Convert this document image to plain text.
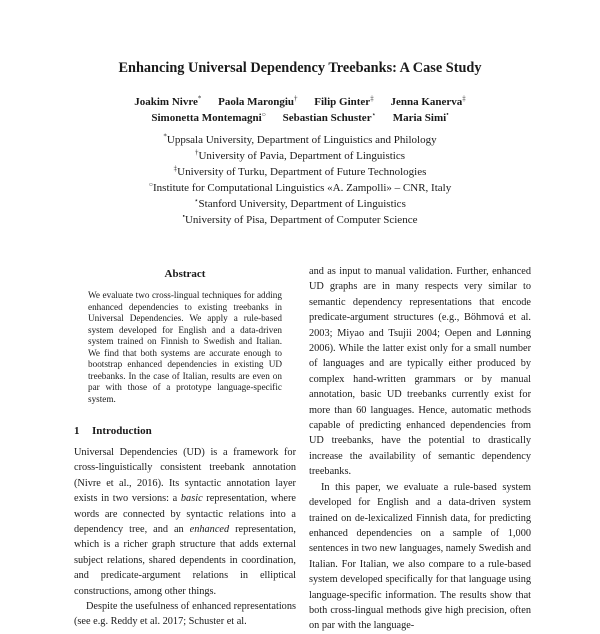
Enhancing Universal Dependency Treebanks: A Case Study
Joakim Nivre* Paola Marongiu† Filip Ginter‡ Jenna Kanerva‡
Simonetta Montemagni○ Sebastian Schuster⋆ Maria Simi•
*Uppsala University, Department of Linguistics and Philology
†University of Pavia, Department of Linguistics
‡University of Turku, Department of Future Technologies
○Institute for Computational Linguistics «A. Zampolli» – CNR, Italy
⋆Stanford University, Department of Linguistics
•University of Pisa, Department of Computer Science
Abstract
We evaluate two cross-lingual techniques for adding enhanced dependencies to existing treebanks in Universal Dependencies. We apply a rule-based system developed for English and a data-driven system trained on Finnish to Swedish and Italian. We find that both systems are accurate enough to bootstrap enhanced dependencies in existing UD treebanks. In the case of Italian, results are even on par with those of a prototype language-specific system.
1 Introduction

Universal Dependencies (UD) is a framework for cross-linguistically consistent treebank annotation (Nivre et al., 2016). Its syntactic annotation layer exists in two versions: a basic representation, where words are connected by syntactic relations into a dependency tree, and an enhanced representation, which is a richer graph structure that adds external subject relations, shared dependents in coordination, and predicate-argument relations in elliptical constructions, among other things.

Despite the usefulness of enhanced representations (see e.g. Reddy et al. 2017; Schuster et al.

and as input to manual validation. Further, enhanced UD graphs are in many respects very similar to semantic dependency representations that encode predicate-argument structures (e.g., Böhmová et al. 2003; Miyao and Tsujii 2004; Oepen and Lønning 2006). While the latter exist only for a small number of languages and are typically either produced by complex hand-written grammars or by manual annotation, basic UD treebanks currently exist for more than 60 languages. Hence, automatic methods capable of predicting enhanced dependencies from UD treebanks, have the potential to drastically increase the availability of semantic dependency treebanks.

In this paper, we evaluate a rule-based system developed for English and a data-driven system trained on de-lexicalized Finnish data, for predicting enhanced dependencies on a sample of 1,000 sentences in two new languages, namely Swedish and Italian. For Italian, we also compare to a rule-based system developed specifically for that language using language-specific information. The results show that both cross-lingual methods give high precision, often on par with the language-
